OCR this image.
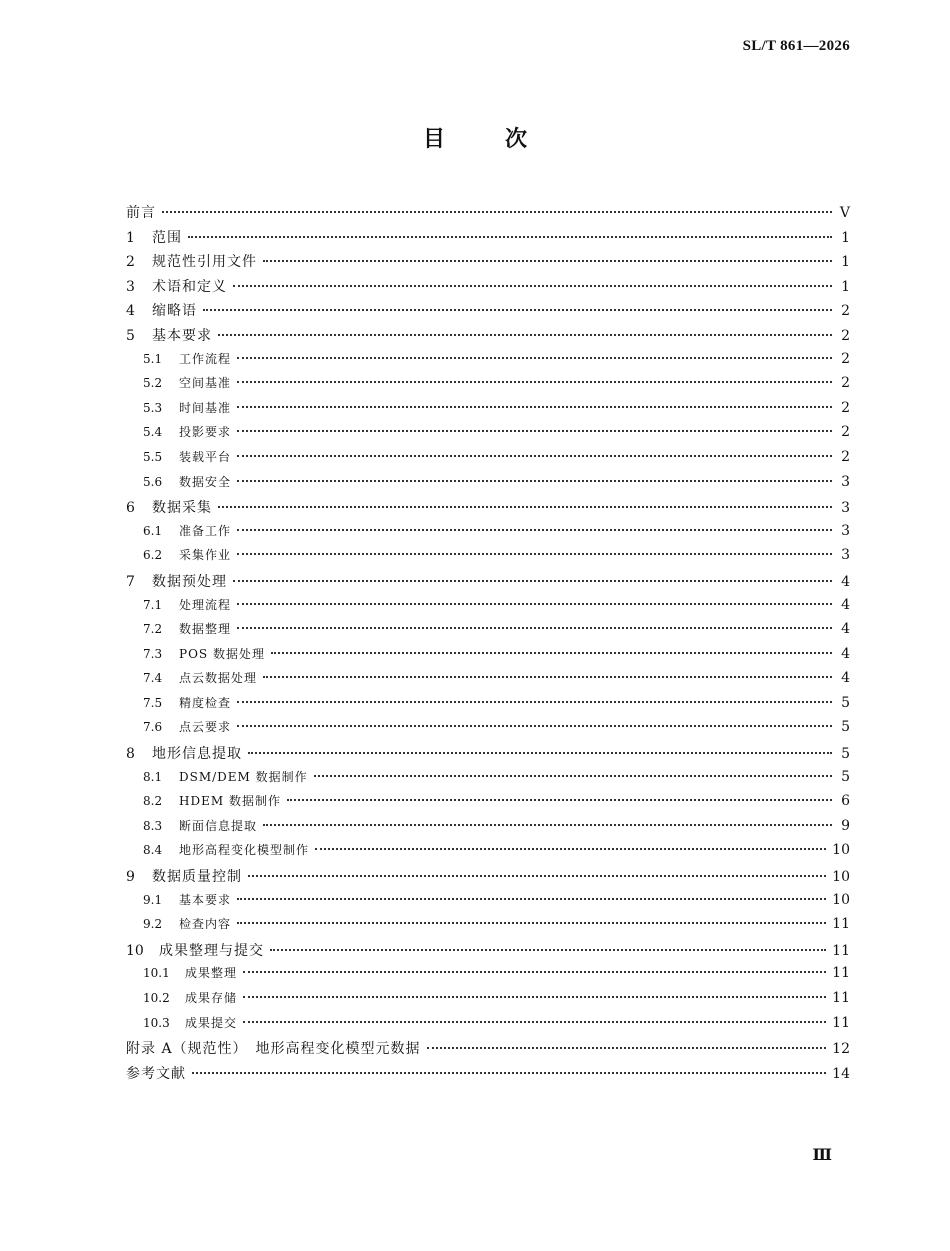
SL/T 861—2026
目	次
前言	V
1	范围	1
2	规范性引用文件	1
3	术语和定义	1
4	缩略语	2
5	基本要求	2
5.1	工作流程	2
5.2	空间基准	2
5.3	时间基准	2
5.4	投影要求	2
5.5	装载平台	2
5.6	数据安全	3
6	数据采集	3
6.1	准备工作	3
6.2	采集作业	3
7	数据预处理	4
7.1	处理流程	4
7.2	数据整理	4
7.3	POS 数据处理	4
7.4	点云数据处理	4
7.5	精度检查	5
7.6	点云要求	5
8	地形信息提取	5
8.1	DSM/DEM 数据制作	5
8.2	HDEM 数据制作	6
8.3	断面信息提取	9
8.4	地形高程变化模型制作	10
9	数据质量控制	10
9.1	基本要求	10
9.2	检查内容	11
10	成果整理与提交	11
10.1	成果整理	11
10.2	成果存储	11
10.3	成果提交	11
附录 A（规范性）　地形高程变化模型元数据	12
参考文献	14
Ⅲ
